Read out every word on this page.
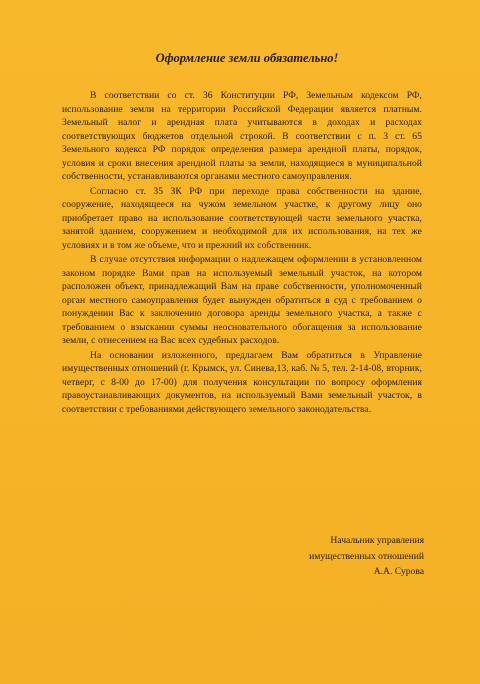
Оформление земли обязательно!

В соответствии со ст. 36 Конституции РФ, Земельным кодексом РФ, использование земли на территории Российской Федерации является платным. Земельный налог и арендная плата учитываются в доходах и расходах соответствующих бюджетов отдельной строкой. В соответствии с п. 3 ст. 65 Земельного кодекса РФ порядок определения размера арендной платы, порядок, условия и сроки внесения арендной платы за земли, находящиеся в муниципальной собственности, устанавливаются органами местного самоуправления.

Согласно ст. 35 ЗК РФ при переходе права собственности на здание, сооружение, находящееся на чужом земельном участке, к другому лицу оно приобретает право на использование соответствующей части земельного участка, занятой зданием, сооружением и необходимой для их использования, на тех же условиях и в том же объеме, что и прежний их собственник.

В случае отсутствия информации о надлежащем оформлении в установленном законом порядке Вами прав на используемый земельный участок, на котором расположен объект, принадлежащий Вам на праве собственности, уполномоченный орган местного самоуправления будет вынужден обратиться в суд с требованием о понуждении Вас к заключению договора аренды земельного участка, а также с требованием о взыскании суммы неосновательного обогащения за использование земли, с отнесением на Вас всех судебных расходов.

На основании изложенного, предлагаем Вам обратиться в Управление имущественных отношений (г. Крымск, ул. Синева,13, каб. № 5, тел. 2-14-08, вторник, четверг, с 8-00 до 17-00) для получения консультации по вопросу оформления правоустанавливающих документов, на используемый Вами земельный участок, в соответствии с требованиями действующего земельного законодательства.

Начальник управления
имущественных отношений
А.А. Сурова
